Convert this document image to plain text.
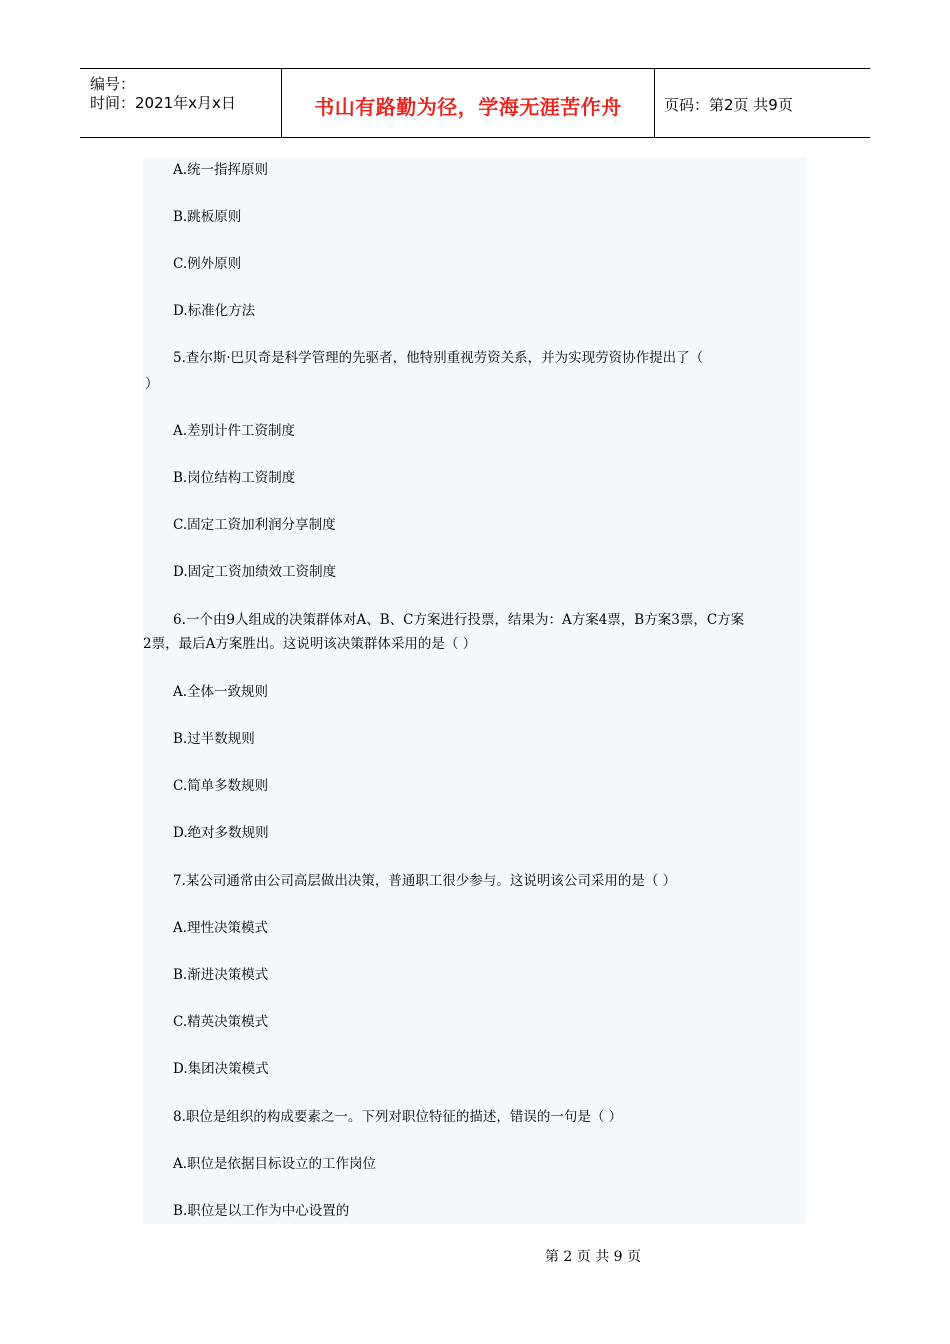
编号：
时间：2021年x月x日	书山有路勤为径，学海无涯苦作舟	页码：第2页 共9页
A.统一指挥原则
B.跳板原则
C.例外原则
D.标准化方法
5.查尔斯·巴贝奇是科学管理的先驱者，他特别重视劳资关系，并为实现劳资协作提出了（
）
A.差别计件工资制度
B.岗位结构工资制度
C.固定工资加利润分享制度
D.固定工资加绩效工资制度
6.一个由9人组成的决策群体对A、B、C方案进行投票，结果为：A方案4票，B方案3票，C方案
2票，最后A方案胜出。这说明该决策群体采用的是（ ）
A.全体一致规则
B.过半数规则
C.简单多数规则
D.绝对多数规则
7.某公司通常由公司高层做出决策，普通职工很少参与。这说明该公司采用的是（ ）
A.理性决策模式
B.渐进决策模式
C.精英决策模式
D.集团决策模式
8.职位是组织的构成要素之一。下列对职位特征的描述，错误的一句是（ ）
A.职位是依据目标设立的工作岗位
B.职位是以工作为中心设置的
第 2 页 共 9 页
